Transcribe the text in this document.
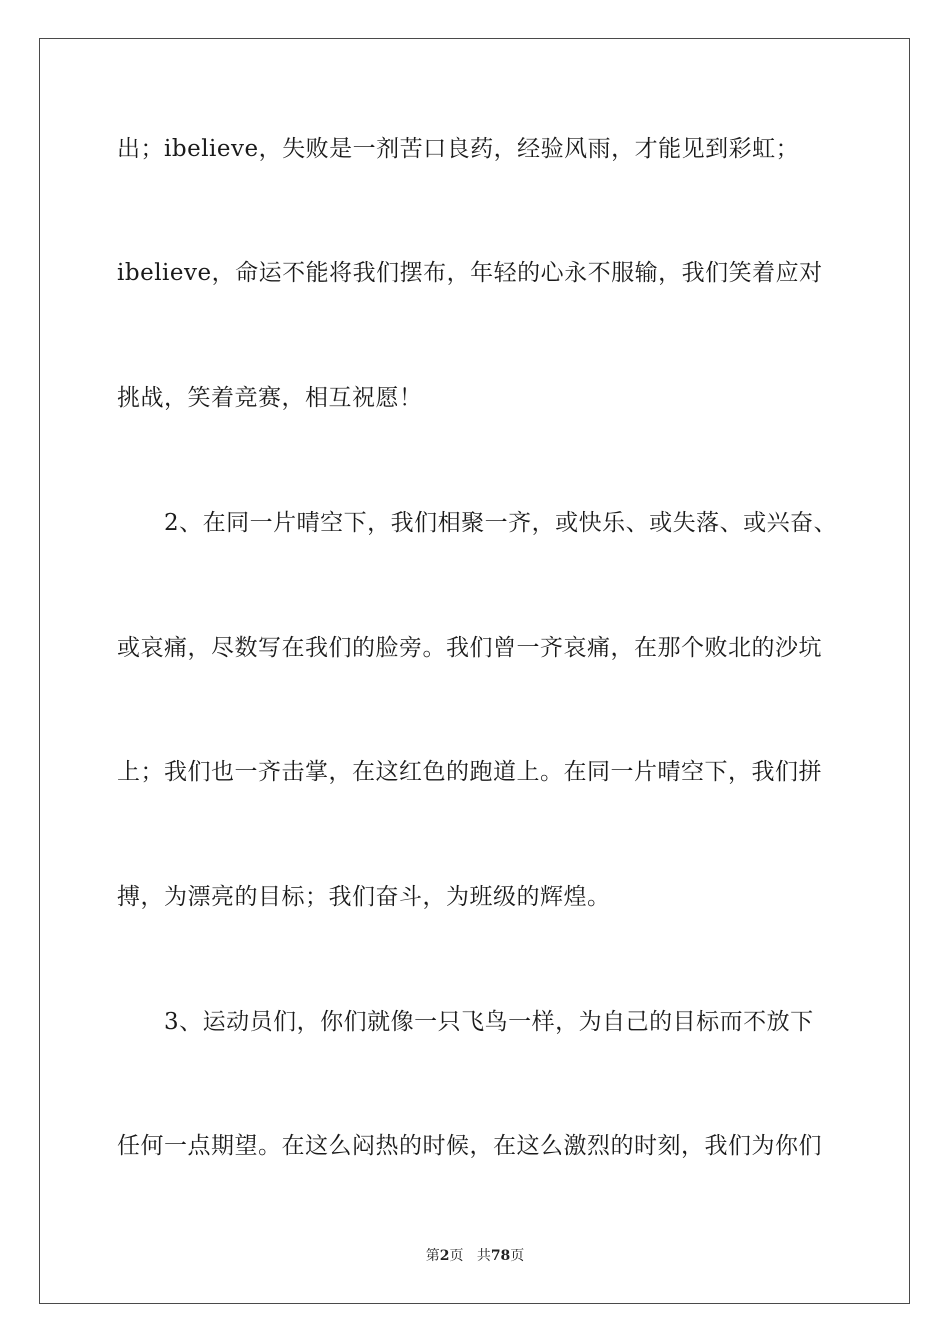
出；ibelieve，失败是一剂苦口良药，经验风雨，才能见到彩虹；
ibelieve，命运不能将我们摆布，年轻的心永不服输，我们笑着应对
挑战，笑着竞赛，相互祝愿！
　　2、在同一片晴空下，我们相聚一齐，或快乐、或失落、或兴奋、
或哀痛，尽数写在我们的脸旁。我们曾一齐哀痛，在那个败北的沙坑
上；我们也一齐击掌，在这红色的跑道上。在同一片晴空下，我们拼
搏，为漂亮的目标；我们奋斗，为班级的辉煌。
　　3、运动员们，你们就像一只飞鸟一样，为自己的目标而不放下
任何一点期望。在这么闷热的时候，在这么激烈的时刻，我们为你们
第2页 共78页
